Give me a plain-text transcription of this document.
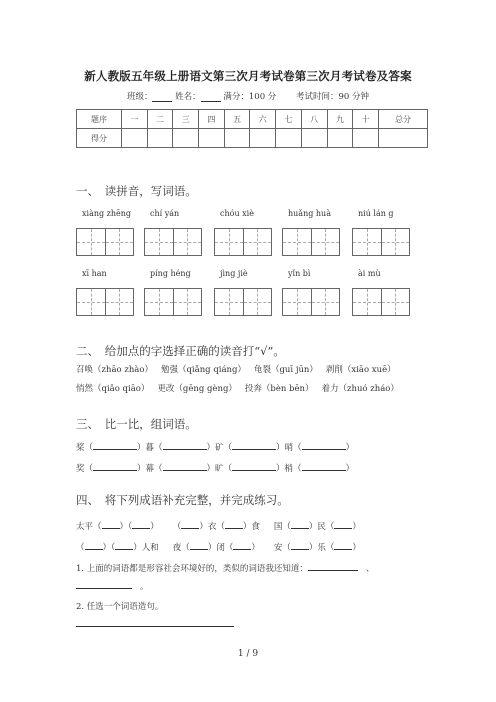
新人教版五年级上册语文第三次月考试卷第三次月考试卷及答案
班级：	姓名：	满分：100 分　　 考试时间：90 分钟
题序	一	二	三	四	五	六	七	八	九	十	总分
得分											
一、　读拼音，写词语。
xiàng zhēng chí yán	chóu xiè	huǎng huà	niú lán g
xī han	píng héng	jìng jiè	yǐn bì	ài mù
二、　给加点的字选择正确的读音打“√”。
召唤（zhāo zhào） 勉强（qiǎng qiáng） 龟裂（guī jūn） 剥削（xiāo xuē）
悄然（qiǎo qiāo） 更改（gēng gèng） 投奔（bèn bēn） 着力（zhuó zháo）
三、　比一比，组词语。
桨（	）暮（	）矿（	）哨（	）
奖（	）幕（	）旷（	）梢（	）
四、　将下列成语补充完整，并完成练习。
太平（ ）（ ） （ ）衣（ ）食 国（ ）民（ ）
（ ）（ ）人和 夜（ ）闭（ ） 安（ ）乐（ ）
1. 上面的词语都是形容社会环境好的，类似的词语我还知道：	、
。
2. 任选一个词语造句。
1 / 9
